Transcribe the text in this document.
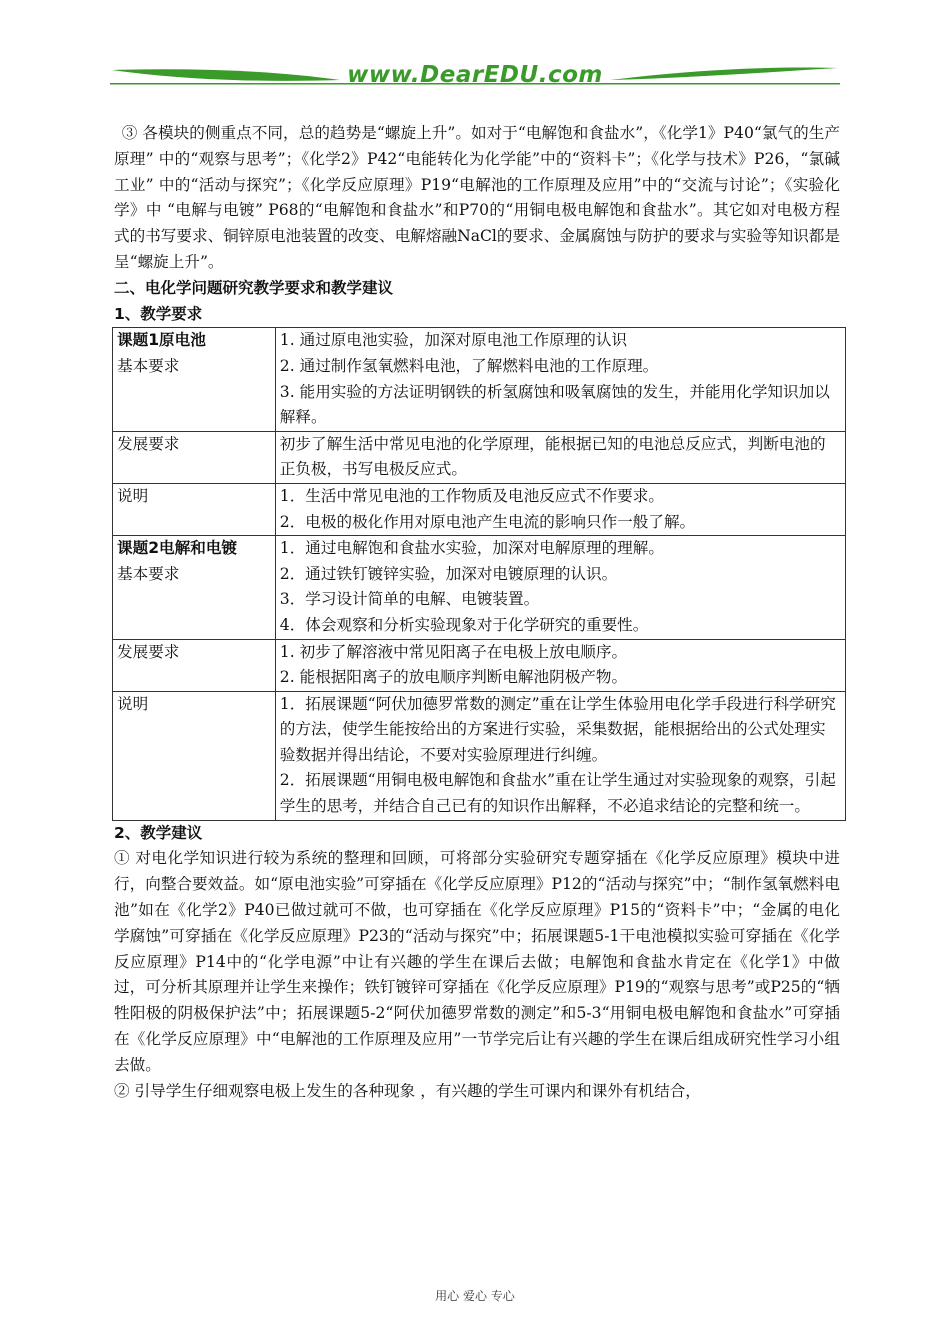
www.DearEDU.com

③ 各模块的侧重点不同，总的趋势是“螺旋上升”。如对于“电解饱和食盐水”，《化学1》P40“氯气的生产原理” 中的“观察与思考”；《化学2》P42“电能转化为化学能”中的“资料卡”；《化学与技术》P26，“氯碱工业” 中的“活动与探究”；《化学反应原理》P19“电解池的工作原理及应用”中的“交流与讨论”；《实验化学》中 “电解与电镀” P68的“电解饱和食盐水”和P70的“用铜电极电解饱和食盐水”。其它如对电极方程式的书写要求、铜锌原电池装置的改变、电解熔融NaCl的要求、金属腐蚀与防护的要求与实验等知识都是呈“螺旋上升”。

二、电化学问题研究教学要求和教学建议

1、教学要求

课题1原电池
基本要求	1. 通过原电池实验，加深对原电池工作原理的认识
2. 通过制作氢氧燃料电池，了解燃料电池的工作原理。
3. 能用实验的方法证明钢铁的析氢腐蚀和吸氧腐蚀的发生，并能用化学知识加以解释。

发展要求	初步了解生活中常见电池的化学原理，能根据已知的电池总反应式，判断电池的正负极，书写电极反应式。

说明	1．生活中常见电池的工作物质及电池反应式不作要求。
2．电极的极化作用对原电池产生电流的影响只作一般了解。

课题2电解和电镀
基本要求	1．通过电解饱和食盐水实验，加深对电解原理的理解。
2．通过铁钉镀锌实验，加深对电镀原理的认识。
3．学习设计简单的电解、电镀装置。
4．体会观察和分析实验现象对于化学研究的重要性。

发展要求	1. 初步了解溶液中常见阳离子在电极上放电顺序。
2. 能根据阳离子的放电顺序判断电解池阴极产物。

说明	1．拓展课题“阿伏加德罗常数的测定”重在让学生体验用电化学手段进行科学研究的方法，使学生能按给出的方案进行实验，采集数据，能根据给出的公式处理实验数据并得出结论，不要对实验原理进行纠缠。
2．拓展课题“用铜电极电解饱和食盐水”重在让学生通过对实验现象的观察，引起学生的思考，并结合自己已有的知识作出解释，不必追求结论的完整和统一。

2、教学建议

① 对电化学知识进行较为系统的整理和回顾，可将部分实验研究专题穿插在《化学反应原理》模块中进行，向整合要效益。如“原电池实验”可穿插在《化学反应原理》P12的“活动与探究”中；“制作氢氧燃料电池”如在《化学2》P40已做过就可不做，也可穿插在《化学反应原理》P15的“资料卡”中；“金属的电化学腐蚀”可穿插在《化学反应原理》P23的“活动与探究”中；拓展课题5-1干电池模拟实验可穿插在《化学反应原理》P14中的“化学电源”中让有兴趣的学生在课后去做；电解饱和食盐水肯定在《化学1》中做过，可分析其原理并让学生来操作；铁钉镀锌可穿插在《化学反应原理》P19的“观察与思考”或P25的“牺牲阳极的阴极保护法”中；拓展课题5-2“阿伏加德罗常数的测定”和5-3“用铜电极电解饱和食盐水”可穿插在《化学反应原理》中“电解池的工作原理及应用”一节学完后让有兴趣的学生在课后组成研究性学习小组去做。

② 引导学生仔细观察电极上发生的各种现象 ，有兴趣的学生可课内和课外有机结合，

用心 爱心 专心
